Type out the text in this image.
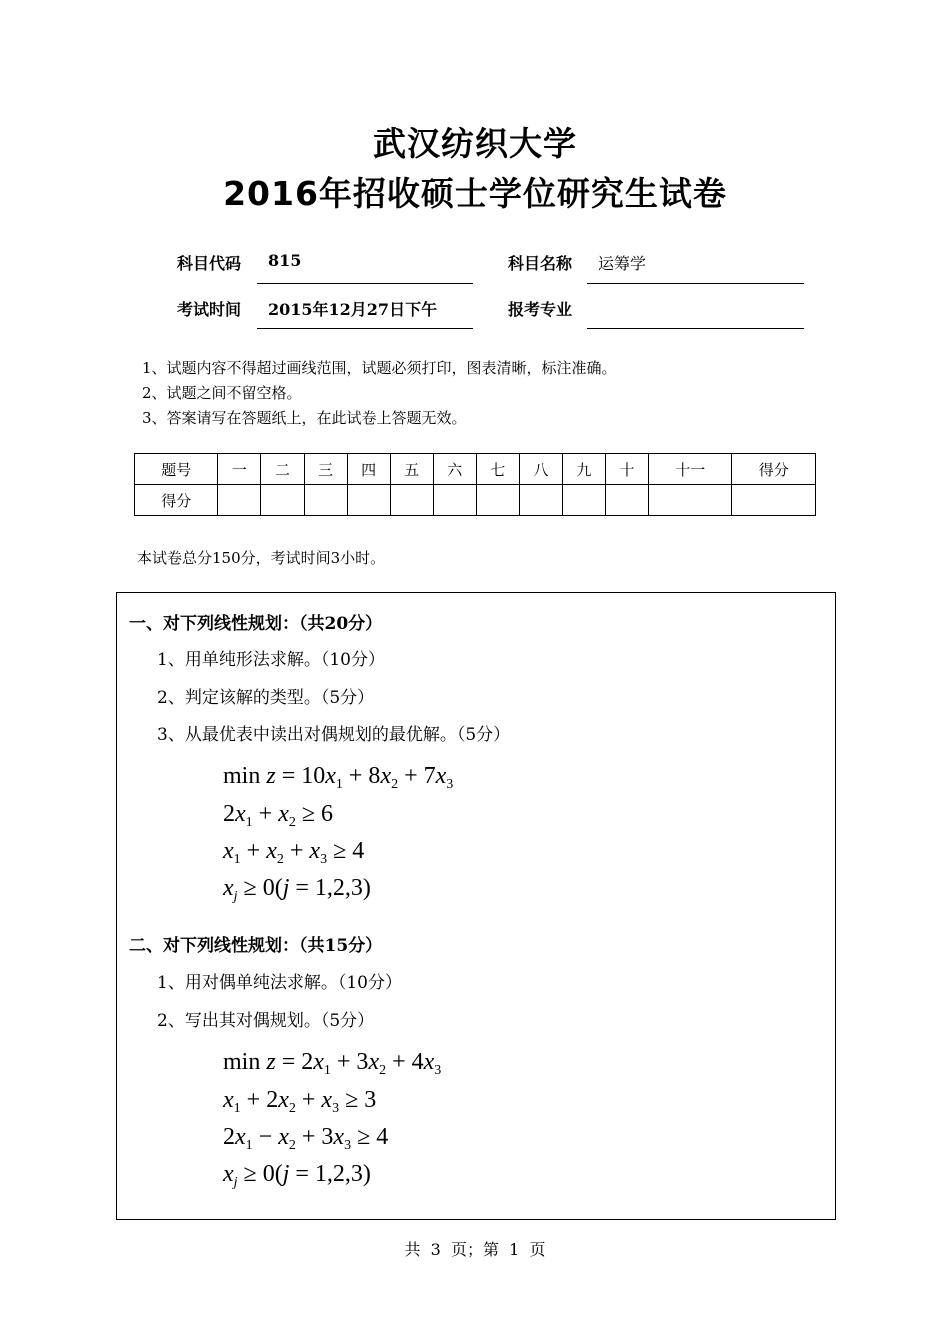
武汉纺织大学
2016年招收硕士学位研究生试卷
科目代码 815	科目名称 运筹学
考试时间 2015年12月27日下午	报考专业
1、试题内容不得超过画线范围，试题必须打印，图表清晰，标注准确。
2、试题之间不留空格。
3、答案请写在答题纸上，在此试卷上答题无效。
题号	一	二	三	四	五	六	七	八	九	十	十一	得分
得分												
本试卷总分150分，考试时间3小时。
一、对下列线性规划：（共20分）
1、用单纯形法求解。（10分）
2、判定该解的类型。（5分）
3、从最优表中读出对偶规划的最优解。（5分）
$\min z = 10x_1 + 8x_2 + 7x_3$
$2x_1 + x_2 \ge 6$
$x_1 + x_2 + x_3 \ge 4$
$x_j \ge 0(j = 1,2,3)$
二、对下列线性规划：（共15分）
1、用对偶单纯法求解。（10分）
2、写出其对偶规划。（5分）
$\min z = 2x_1 + 3x_2 + 4x_3$
$x_1 + 2x_2 + x_3 \ge 3$
$2x_1 - x_2 + 3x_3 \ge 4$
$x_j \ge 0(j = 1,2,3)$
共  3  页；第  1  页
